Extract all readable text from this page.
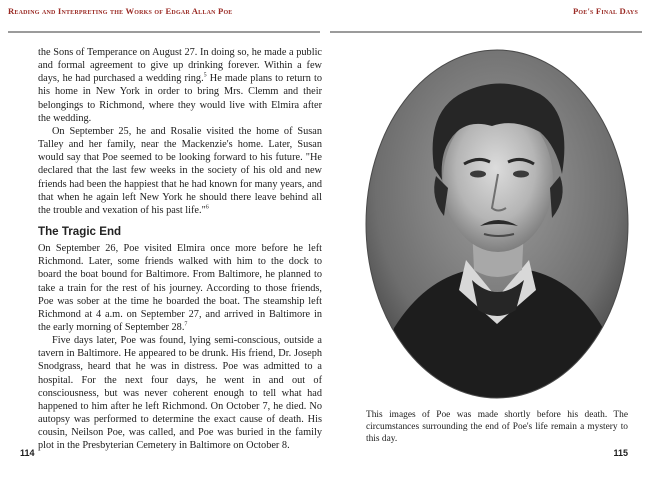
Reading and Interpreting the Works of Edgar Allan Poe	Poe's Final Days

the Sons of Temperance on August 27. In doing so, he made a public and formal agreement to give up drinking forever. Within a few days, he had purchased a wedding ring.$^5$ He made plans to return to his home in New York in order to bring Mrs. Clemm and their belongings to Richmond, where they would live with Elmira after the wedding.

On September 25, he and Rosalie visited the home of Susan Talley and her family, near the Mackenzie's home. Later, Susan would say that Poe seemed to be looking forward to his future. "He declared that the last few weeks in the society of his old and new friends had been the happiest that he had known for many years, and that when he again left New York he should there leave behind all the trouble and vexation of his past life."$^6$

The Tragic End

On September 26, Poe visited Elmira once more before he left Richmond. Later, some friends walked with him to the dock to board the boat bound for Baltimore. From Baltimore, he planned to take a train for the rest of his journey. According to those friends, Poe was sober at the time he boarded the boat. The steamship left Richmond at 4 a.m. on September 27, and arrived in Baltimore in the early morning of September 28.$^7$

Five days later, Poe was found, lying semi-conscious, outside a tavern in Baltimore. He appeared to be drunk. His friend, Dr. Joseph Snodgrass, heard that he was in distress. Poe was admitted to a hospital. For the next four days, he went in and out of consciousness, but was never coherent enough to tell what had happened to him after he left Richmond. On October 7, he died. No autopsy was performed to determine the exact cause of death. His cousin, Neilson Poe, was called, and Poe was buried in the family plot in the Presbyterian Cemetery in Baltimore on October 8.

114

This images of Poe was made shortly before his death. The circumstances surrounding the end of Poe's life remain a mystery to this day.

115
